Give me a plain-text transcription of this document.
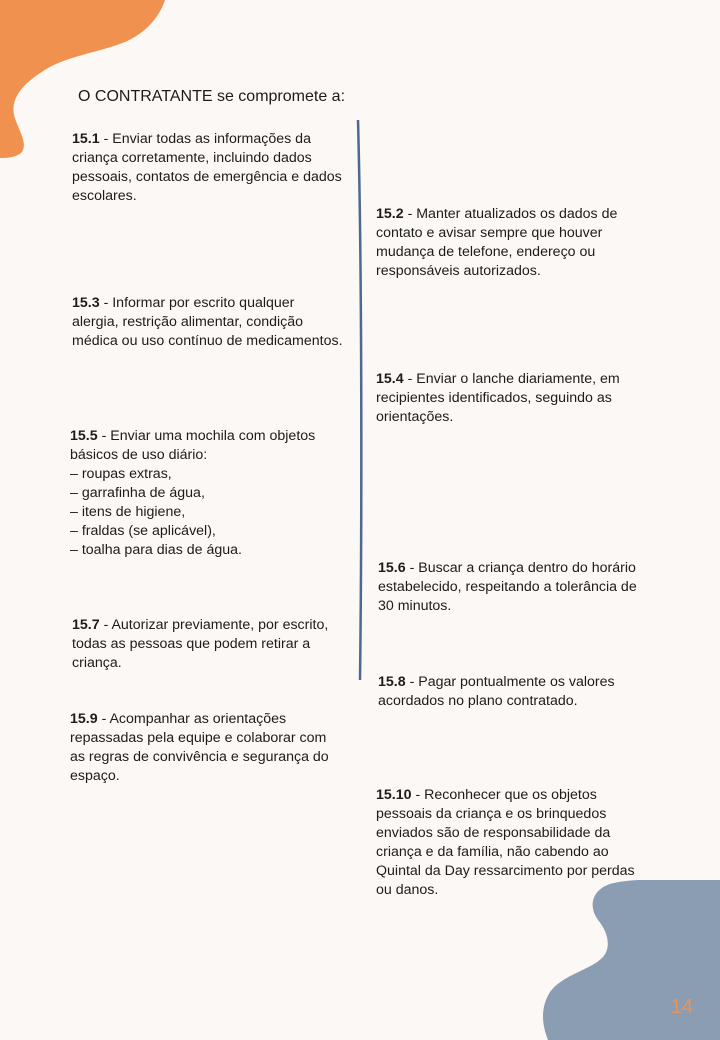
O CONTRATANTE se compromete a:

15.1 - Enviar todas as informações da criança corretamente, incluindo dados pessoais, contatos de emergência e dados escolares.

15.2 - Manter atualizados os dados de contato e avisar sempre que houver mudança de telefone, endereço ou responsáveis autorizados.

15.3 - Informar por escrito qualquer alergia, restrição alimentar, condição médica ou uso contínuo de medicamentos.

15.4 - Enviar o lanche diariamente, em recipientes identificados, seguindo as orientações.

15.5 - Enviar uma mochila com objetos básicos de uso diário:
– roupas extras,
– garrafinha de água,
– itens de higiene,
– fraldas (se aplicável),
– toalha para dias de água.

15.6 - Buscar a criança dentro do horário estabelecido, respeitando a tolerância de 30 minutos.

15.7 - Autorizar previamente, por escrito, todas as pessoas que podem retirar a criança.

15.8 - Pagar pontualmente os valores acordados no plano contratado.

15.9 - Acompanhar as orientações repassadas pela equipe e colaborar com as regras de convivência e segurança do espaço.

15.10 - Reconhecer que os objetos pessoais da criança e os brinquedos enviados são de responsabilidade da criança e da família, não cabendo ao Quintal da Day ressarcimento por perdas ou danos.

14
